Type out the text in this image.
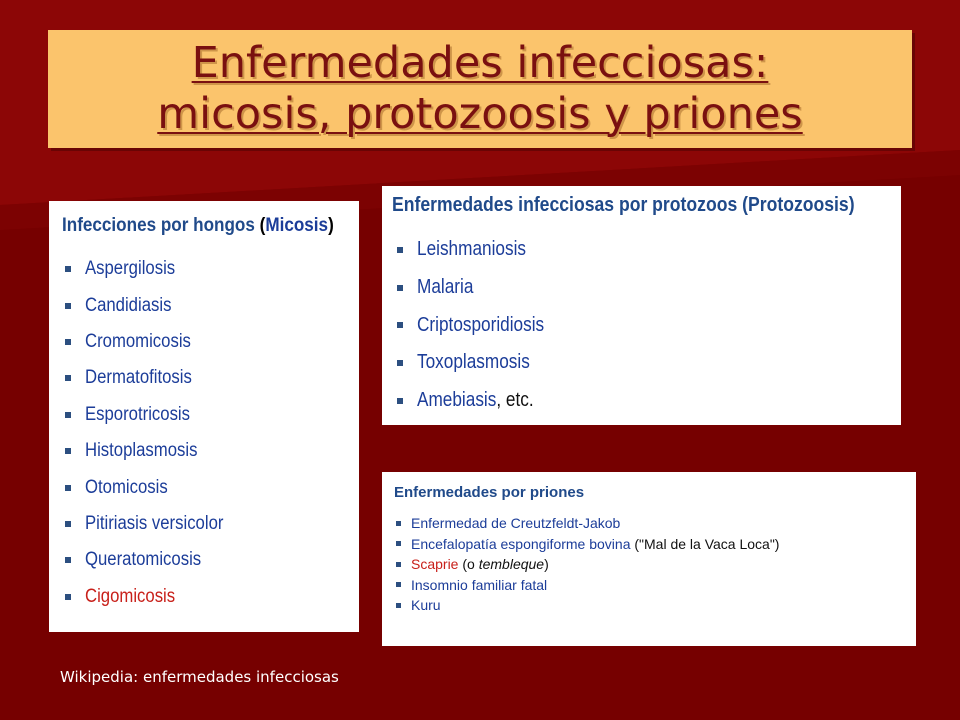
Enfermedades infecciosas:
micosis, protozoosis y priones
Infecciones por hongos (Micosis)
Aspergilosis
Candidiasis
Cromomicosis
Dermatofitosis
Esporotricosis
Histoplasmosis
Otomicosis
Pitiriasis versicolor
Queratomicosis
Cigomicosis
Enfermedades infecciosas por protozoos (Protozoosis)
Leishmaniosis
Malaria
Criptosporidiosis
Toxoplasmosis
Amebiasis, etc.
Enfermedades por priones
Enfermedad de Creutzfeldt-Jakob
Encefalopatía espongiforme bovina ("Mal de la Vaca Loca")
Scaprie (o tembleque)
Insomnio familiar fatal
Kuru
Wikipedia: enfermedades infecciosas
